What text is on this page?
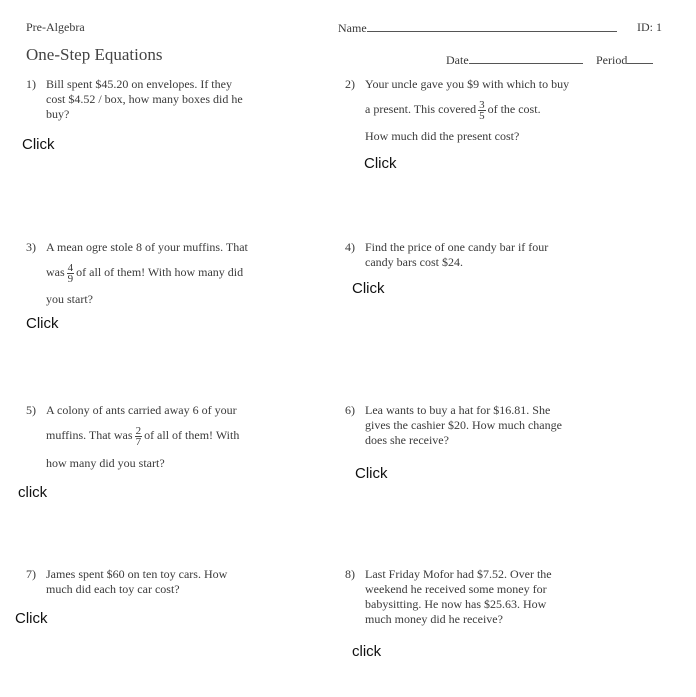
Pre-Algebra	Name	ID: 1
One-Step Equations	Date	Period
1) Bill spent $45.20 on envelopes. If they
cost $4.52 / box, how many boxes did he
buy?
Click
2) Your uncle gave you $9 with which to buy
a present. This covered $\frac{3}{5}$ of the cost.
How much did the present cost?
Click
3) A mean ogre stole 8 of your muffins. That
was $\frac{4}{9}$ of all of them! With how many did
you start?
Click
4) Find the price of one candy bar if four
candy bars cost $24.
Click
5) A colony of ants carried away 6 of your
muffins. That was $\frac{2}{7}$ of all of them! With
how many did you start?
click
6) Lea wants to buy a hat for $16.81. She
gives the cashier $20. How much change
does she receive?
Click
7) James spent $60 on ten toy cars. How
much did each toy car cost?
Click
8) Last Friday Mofor had $7.52. Over the
weekend he received some money for
babysitting. He now has $25.63. How
much money did he receive?
click
